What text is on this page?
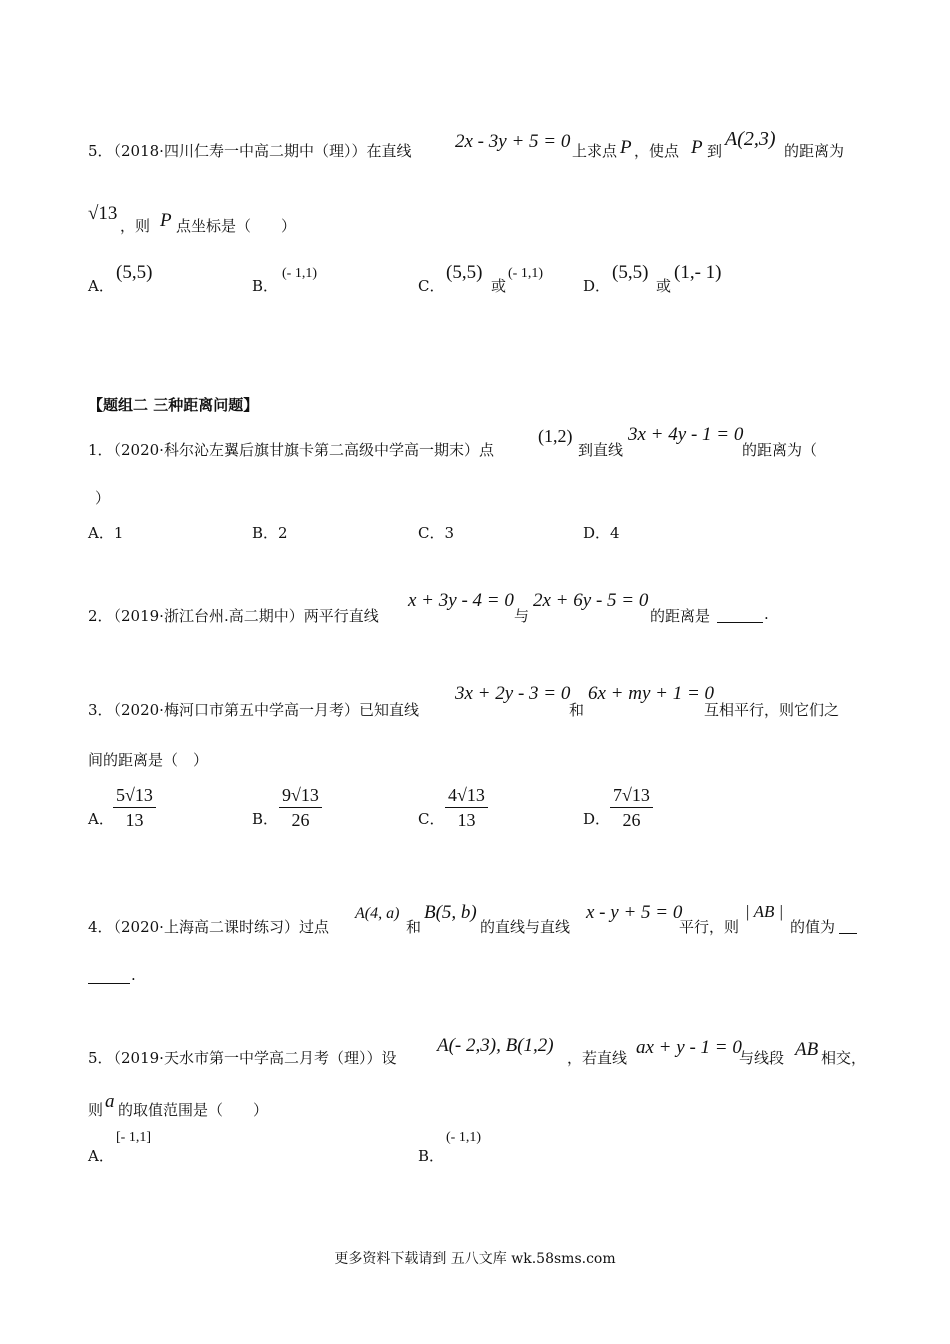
5．
（2018·四川仁寿一中高二期中（理））在直线 2x - 3y + 5 = 0 上求点 P ，使点 P 到
A(2,3)
的距离为
√13
，则 P 点坐标是（　　）
A．
(5,5)
B．
(- 1,1)
C．
(5,5)
或
(- 1,1)
D．
(5,5)
或
(1,- 1)
【题组二 三种距离问题】
1．
（2020·科尔沁左翼后旗甘旗卡第二高级中学高一期末）点
(1,2)
到直线
3x + 4y - 1 = 0
的距离为（
）
A．1	B．2	C．3	D．4
2．
（2019·浙江台州.高二期中）两平行直线
x + 3y - 4 = 0
与
2x + 6y - 5 = 0
的距离是	.
3．
（2020·梅河口市第五中学高一月考）已知直线
3x + 2y - 3 = 0
和
6x + my + 1 = 0
互相平行，则它们之
间的距离是（　）
A． $\frac{5√13}{13}$	B． $\frac{9√13}{26}$	C． $\frac{4√13}{13}$	D． $\frac{7√13}{26}$
4．
（2020·上海高二课时练习）过点
A(4, a)
和
B(5, b)
的直线与直线
x - y + 5 = 0
平行，则
| AB |
的值为
.
5．
（2019·天水市第一中学高二月考（理））设
A(- 2,3), B(1,2)
，若直线 ax + y - 1 = 0
与线段 AB 相交，
则 a 的取值范围是（　　）
A．
[- 1,1]
B．
(- 1,1)
更多资料下载请到 五八文库 wk.58sms.com
